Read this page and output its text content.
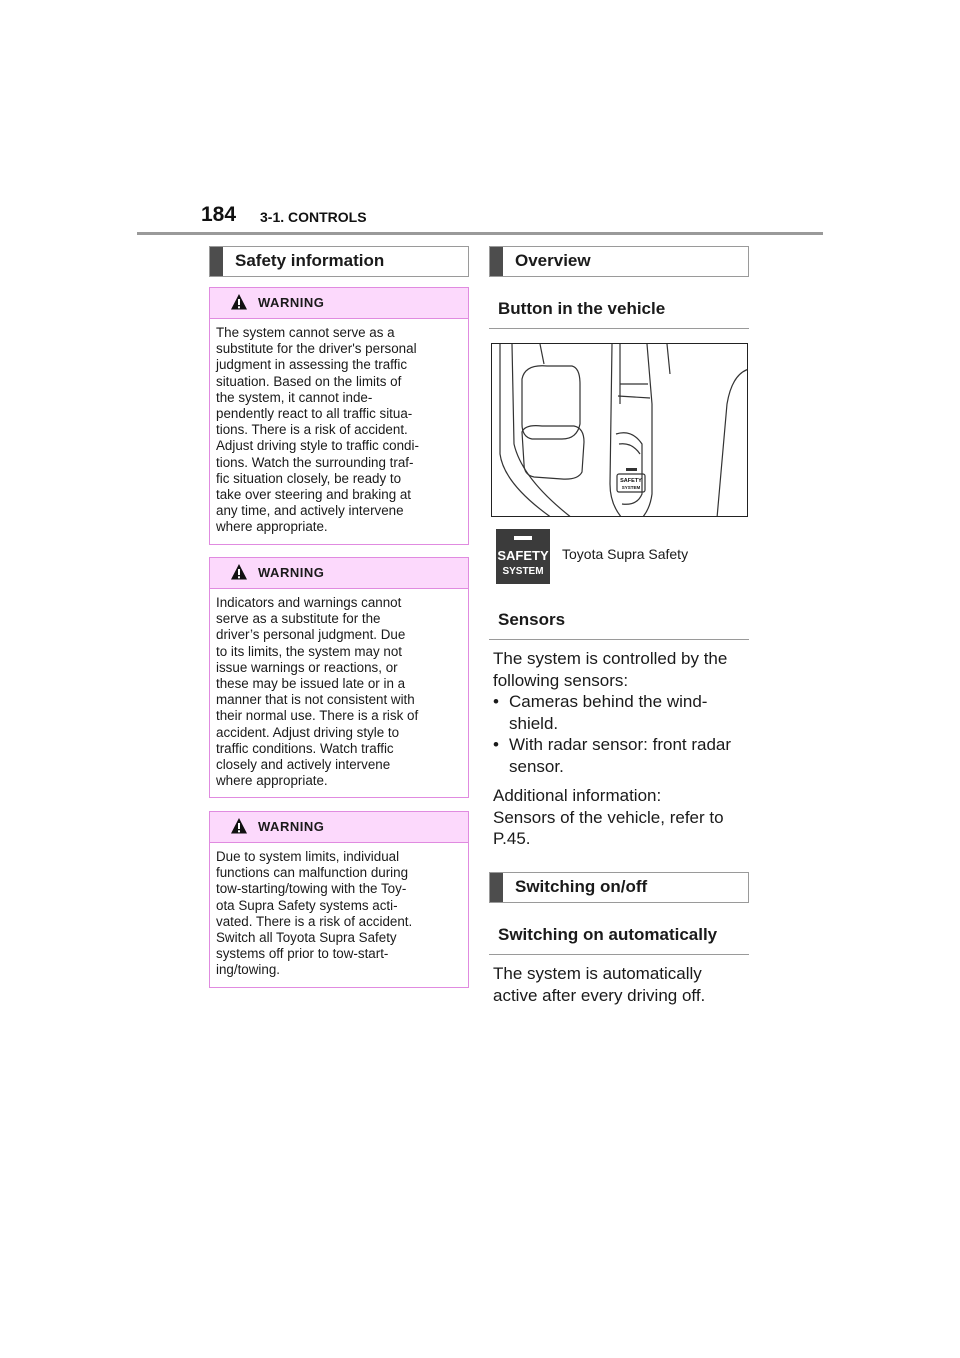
184 3-1. CONTROLS
Safety information
WARNING
The system cannot serve as a
substitute for the driver's personal
judgment in assessing the traffic
situation. Based on the limits of
the system, it cannot inde-
pendently react to all traffic situa-
tions. There is a risk of accident.
Adjust driving style to traffic condi-
tions. Watch the surrounding traf-
fic situation closely, be ready to
take over steering and braking at
any time, and actively intervene
where appropriate.
WARNING
Indicators and warnings cannot
serve as a substitute for the
driver’s personal judgment. Due
to its limits, the system may not
issue warnings or reactions, or
these may be issued late or in a
manner that is not consistent with
their normal use. There is a risk of
accident. Adjust driving style to
traffic conditions. Watch traffic
closely and actively intervene
where appropriate.
WARNING
Due to system limits, individual
functions can malfunction during
tow-starting/towing with the Toy-
ota Supra Safety systems acti-
vated. There is a risk of accident.
Switch all Toyota Supra Safety
systems off prior to tow-start-
ing/towing.
Overview
Button in the vehicle
SAFETY
SYSTEM
SAFETY
SYSTEM
Toyota Supra Safety
Sensors
The system is controlled by the following sensors:
• Cameras behind the wind-shield.
• With radar sensor: front radar sensor.
Additional information:
Sensors of the vehicle, refer to P.45.
Switching on/off
Switching on automatically
The system is automatically active after every driving off.
